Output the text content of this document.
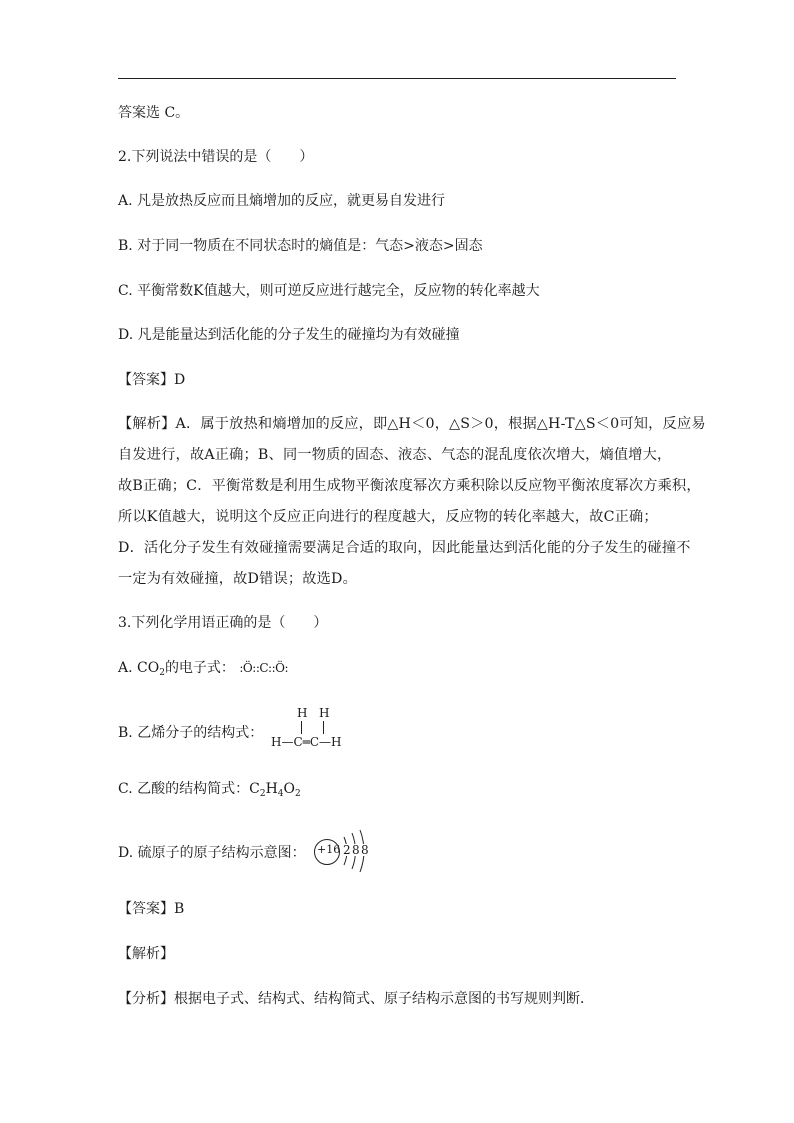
答案选 C。
2.下列说法中错误的是（　　）
A. 凡是放热反应而且熵增加的反应，就更易自发进行
B. 对于同一物质在不同状态时的熵值是：气态>液态>固态
C. 平衡常数K值越大，则可逆反应进行越完全，反应物的转化率越大
D. 凡是能量达到活化能的分子发生的碰撞均为有效碰撞
【答案】D
【解析】A．属于放热和熵增加的反应，即△H＜0，△S＞0，根据△H-T△S＜0可知，反应易
自发进行，故A正确；B、同一物质的固态、液态、气态的混乱度依次增大，熵值增大，
故B正确；C．平衡常数是利用生成物平衡浓度幂次方乘积除以反应物平衡浓度幂次方乘积，
所以K值越大，说明这个反应正向进行的程度越大，反应物的转化率越大，故C正确；
D．活化分子发生有效碰撞需要满足合适的取向，因此能量达到活化能的分子发生的碰撞不
一定为有效碰撞，故D错误；故选D。
3.下列化学用语正确的是（　　）
A. $CO_2$的电子式： :Ö::C::Ö:
B. 乙烯分子的结构式：
H H
H—C═C—H
C. 乙酸的结构简式：$C_2H_4O_2$
D. 硫原子的原子结构示意图： +16 2 8 8
【答案】B
【解析】
【分析】根据电子式、结构式、结构简式、原子结构示意图的书写规则判断．
